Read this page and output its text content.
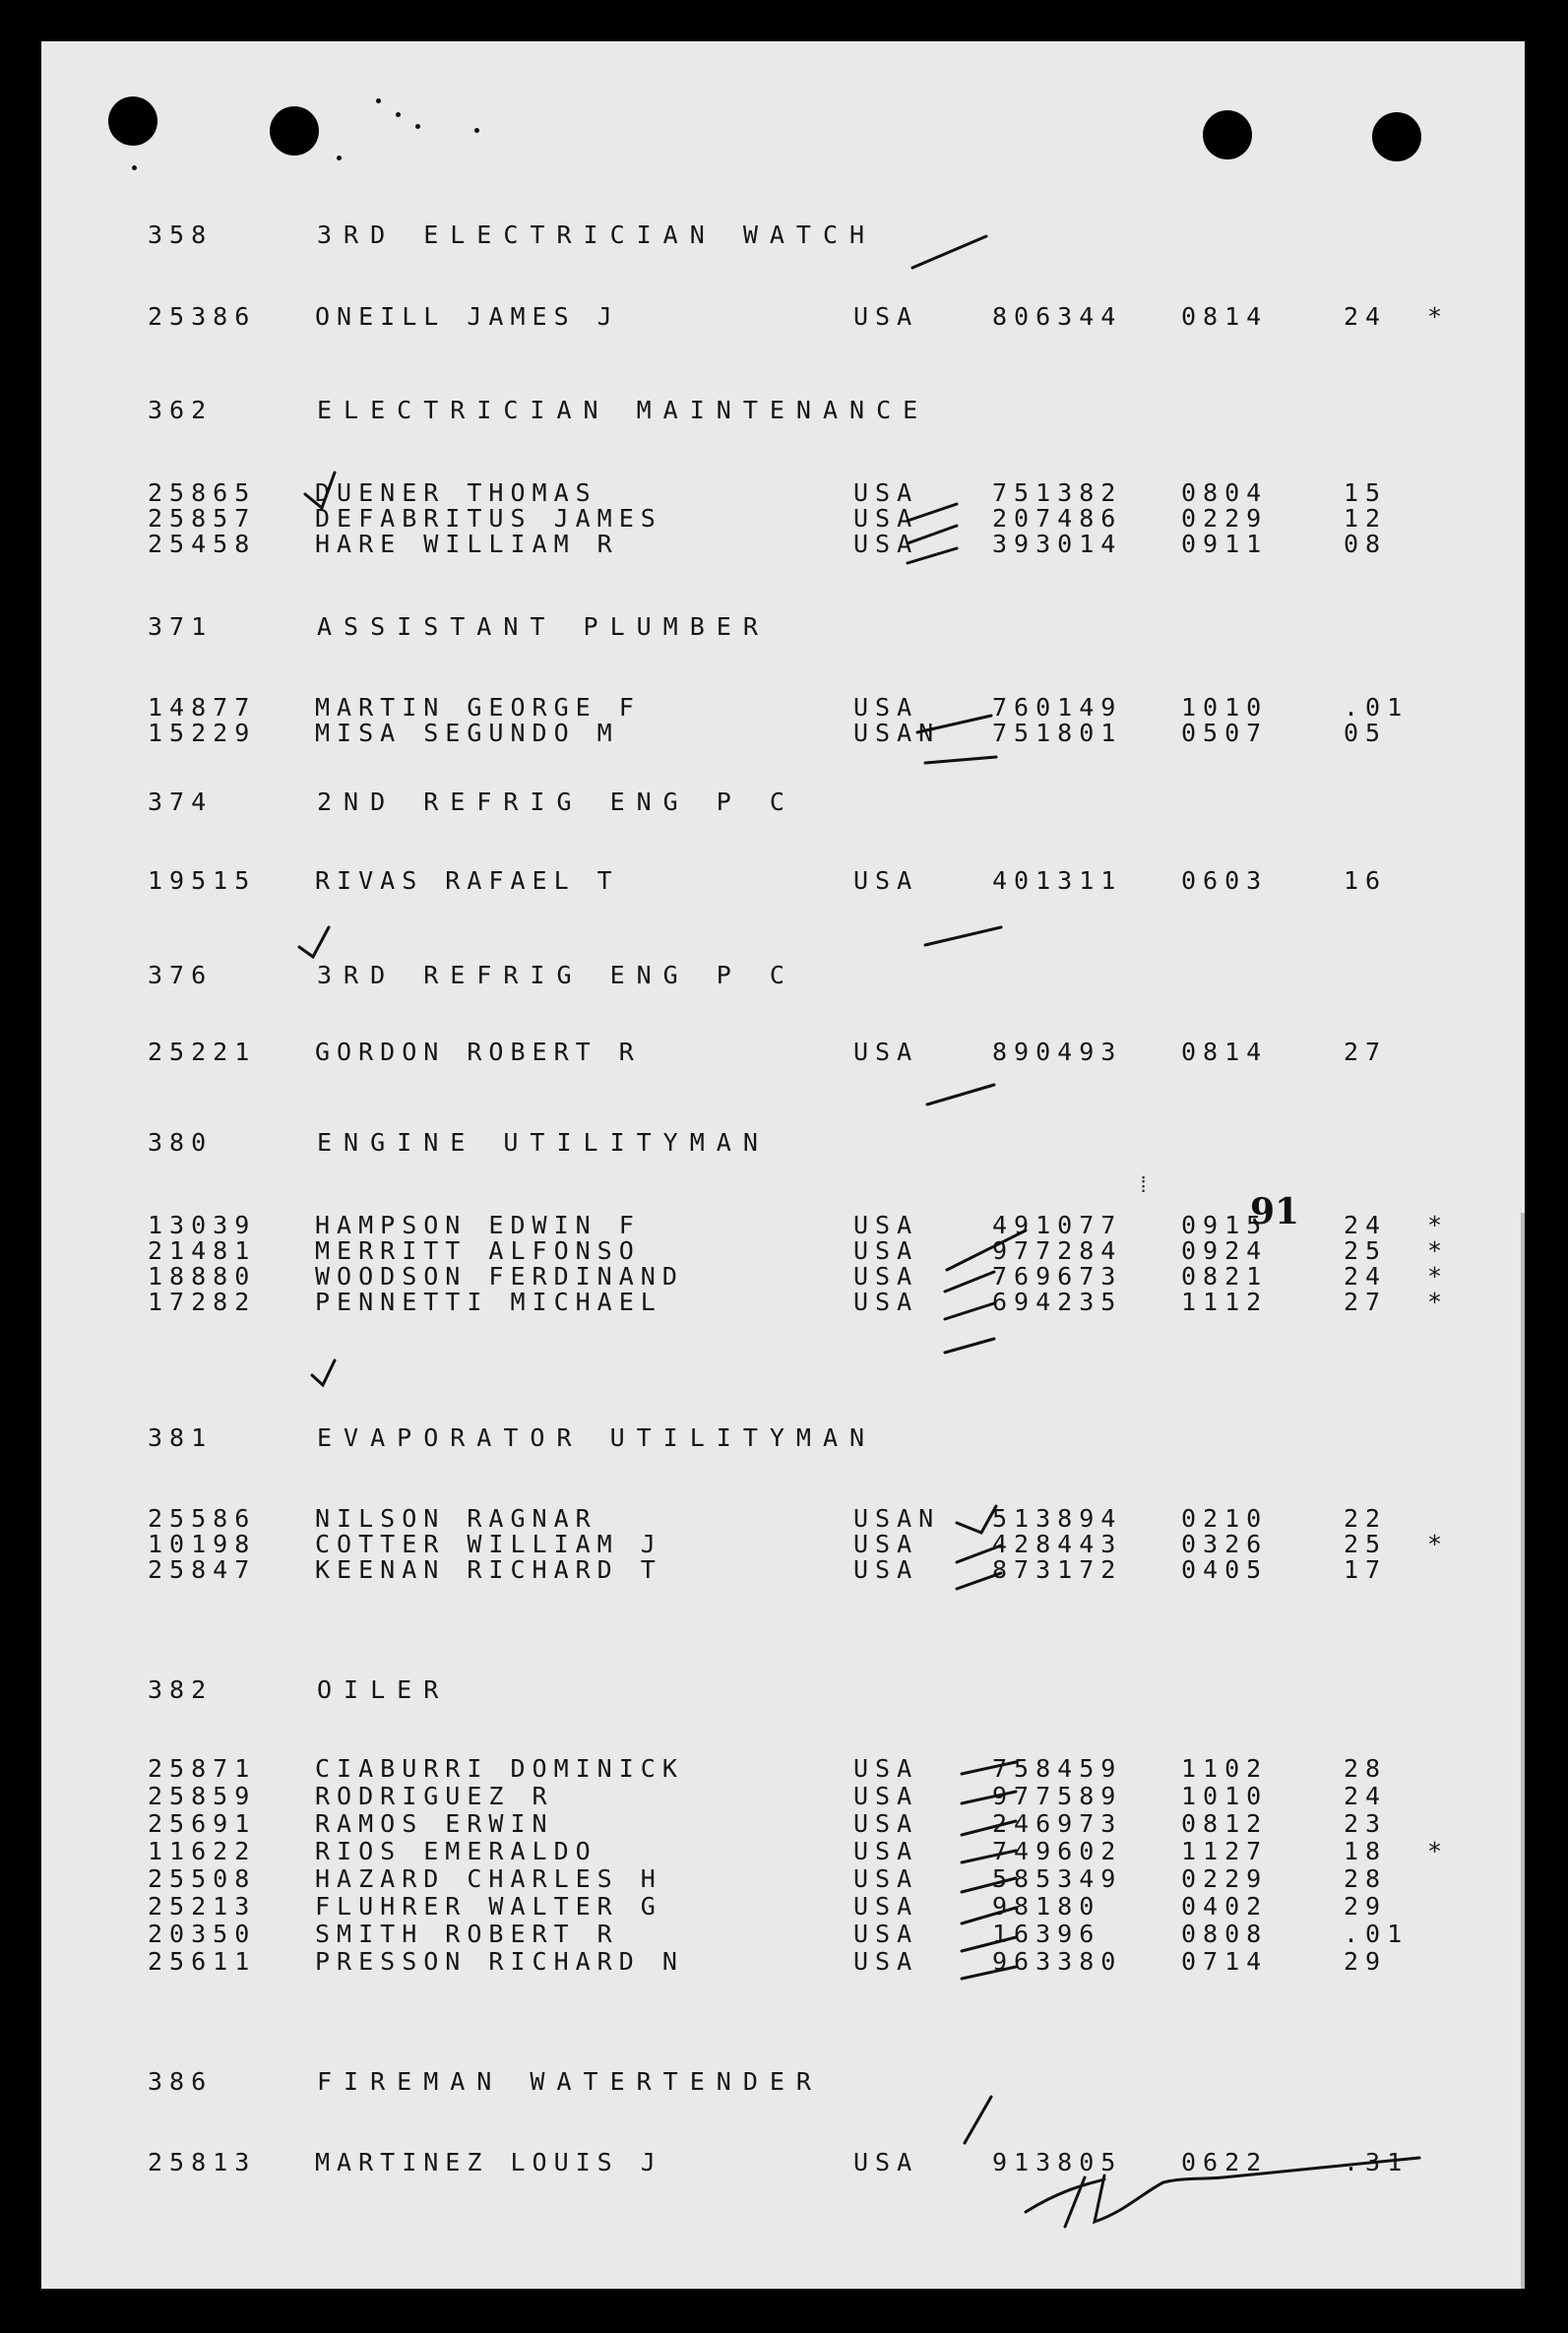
358	3RD ELECTRICIAN WATCH
25386 ONEILL JAMES J	USA	806344 0814	24 *
362	ELECTRICIAN MAINTENANCE
25865 DUENER THOMAS	USA	751382 0804	15
25857 DEFABRITUS JAMES	USA	207486 0229	12
25458 HARE WILLIAM R	USA	393014 0911	08
371	ASSISTANT PLUMBER
14877 MARTIN GEORGE F	USA	760149 1010	.01
15229 MISA SEGUNDO M	USAN 751801 0507	05
374	2ND REFRIG ENG P C
19515 RIVAS RAFAEL T	USA	401311 0603	16
376	3RD REFRIG ENG P C
25221 GORDON ROBERT R	USA	890493 0814	27
380	ENGINE UTILITYMAN
13039 HAMPSON EDWIN F	USA	491077 0915	24 *
21481 MERRITT ALFONSO	USA	977284 0924	25 *
18880 WOODSON FERDINAND	USA	769673 0821	24 *
17282 PENNETTI MICHAEL	USA	694235 1112	27 *
381	EVAPORATOR UTILITYMAN
25586 NILSON RAGNAR	USAN 513894 0210	22
10198 COTTER WILLIAM J	USA	428443 0326	25 *
25847 KEENAN RICHARD T	USA	873172 0405	17
382	OILER
25871 CIABURRI DOMINICK	USA	758459 1102	28
25859 RODRIGUEZ R	USA	977589 1010	24
25691 RAMOS ERWIN	USA	246973 0812	23
11622 RIOS EMERALDO	USA	749602 1127	18 *
25508 HAZARD CHARLES H	USA	585349 0229	28
25213 FLUHRER WALTER G	USA	98180	0402	29
20350 SMITH ROBERT R	USA	16396	0808	.01
25611 PRESSON RICHARD N	USA	963380 0714	29
386	FIREMAN WATERTENDER
25813 MARTINEZ LOUIS J	USA	913805 0622	.31
⁞
91
